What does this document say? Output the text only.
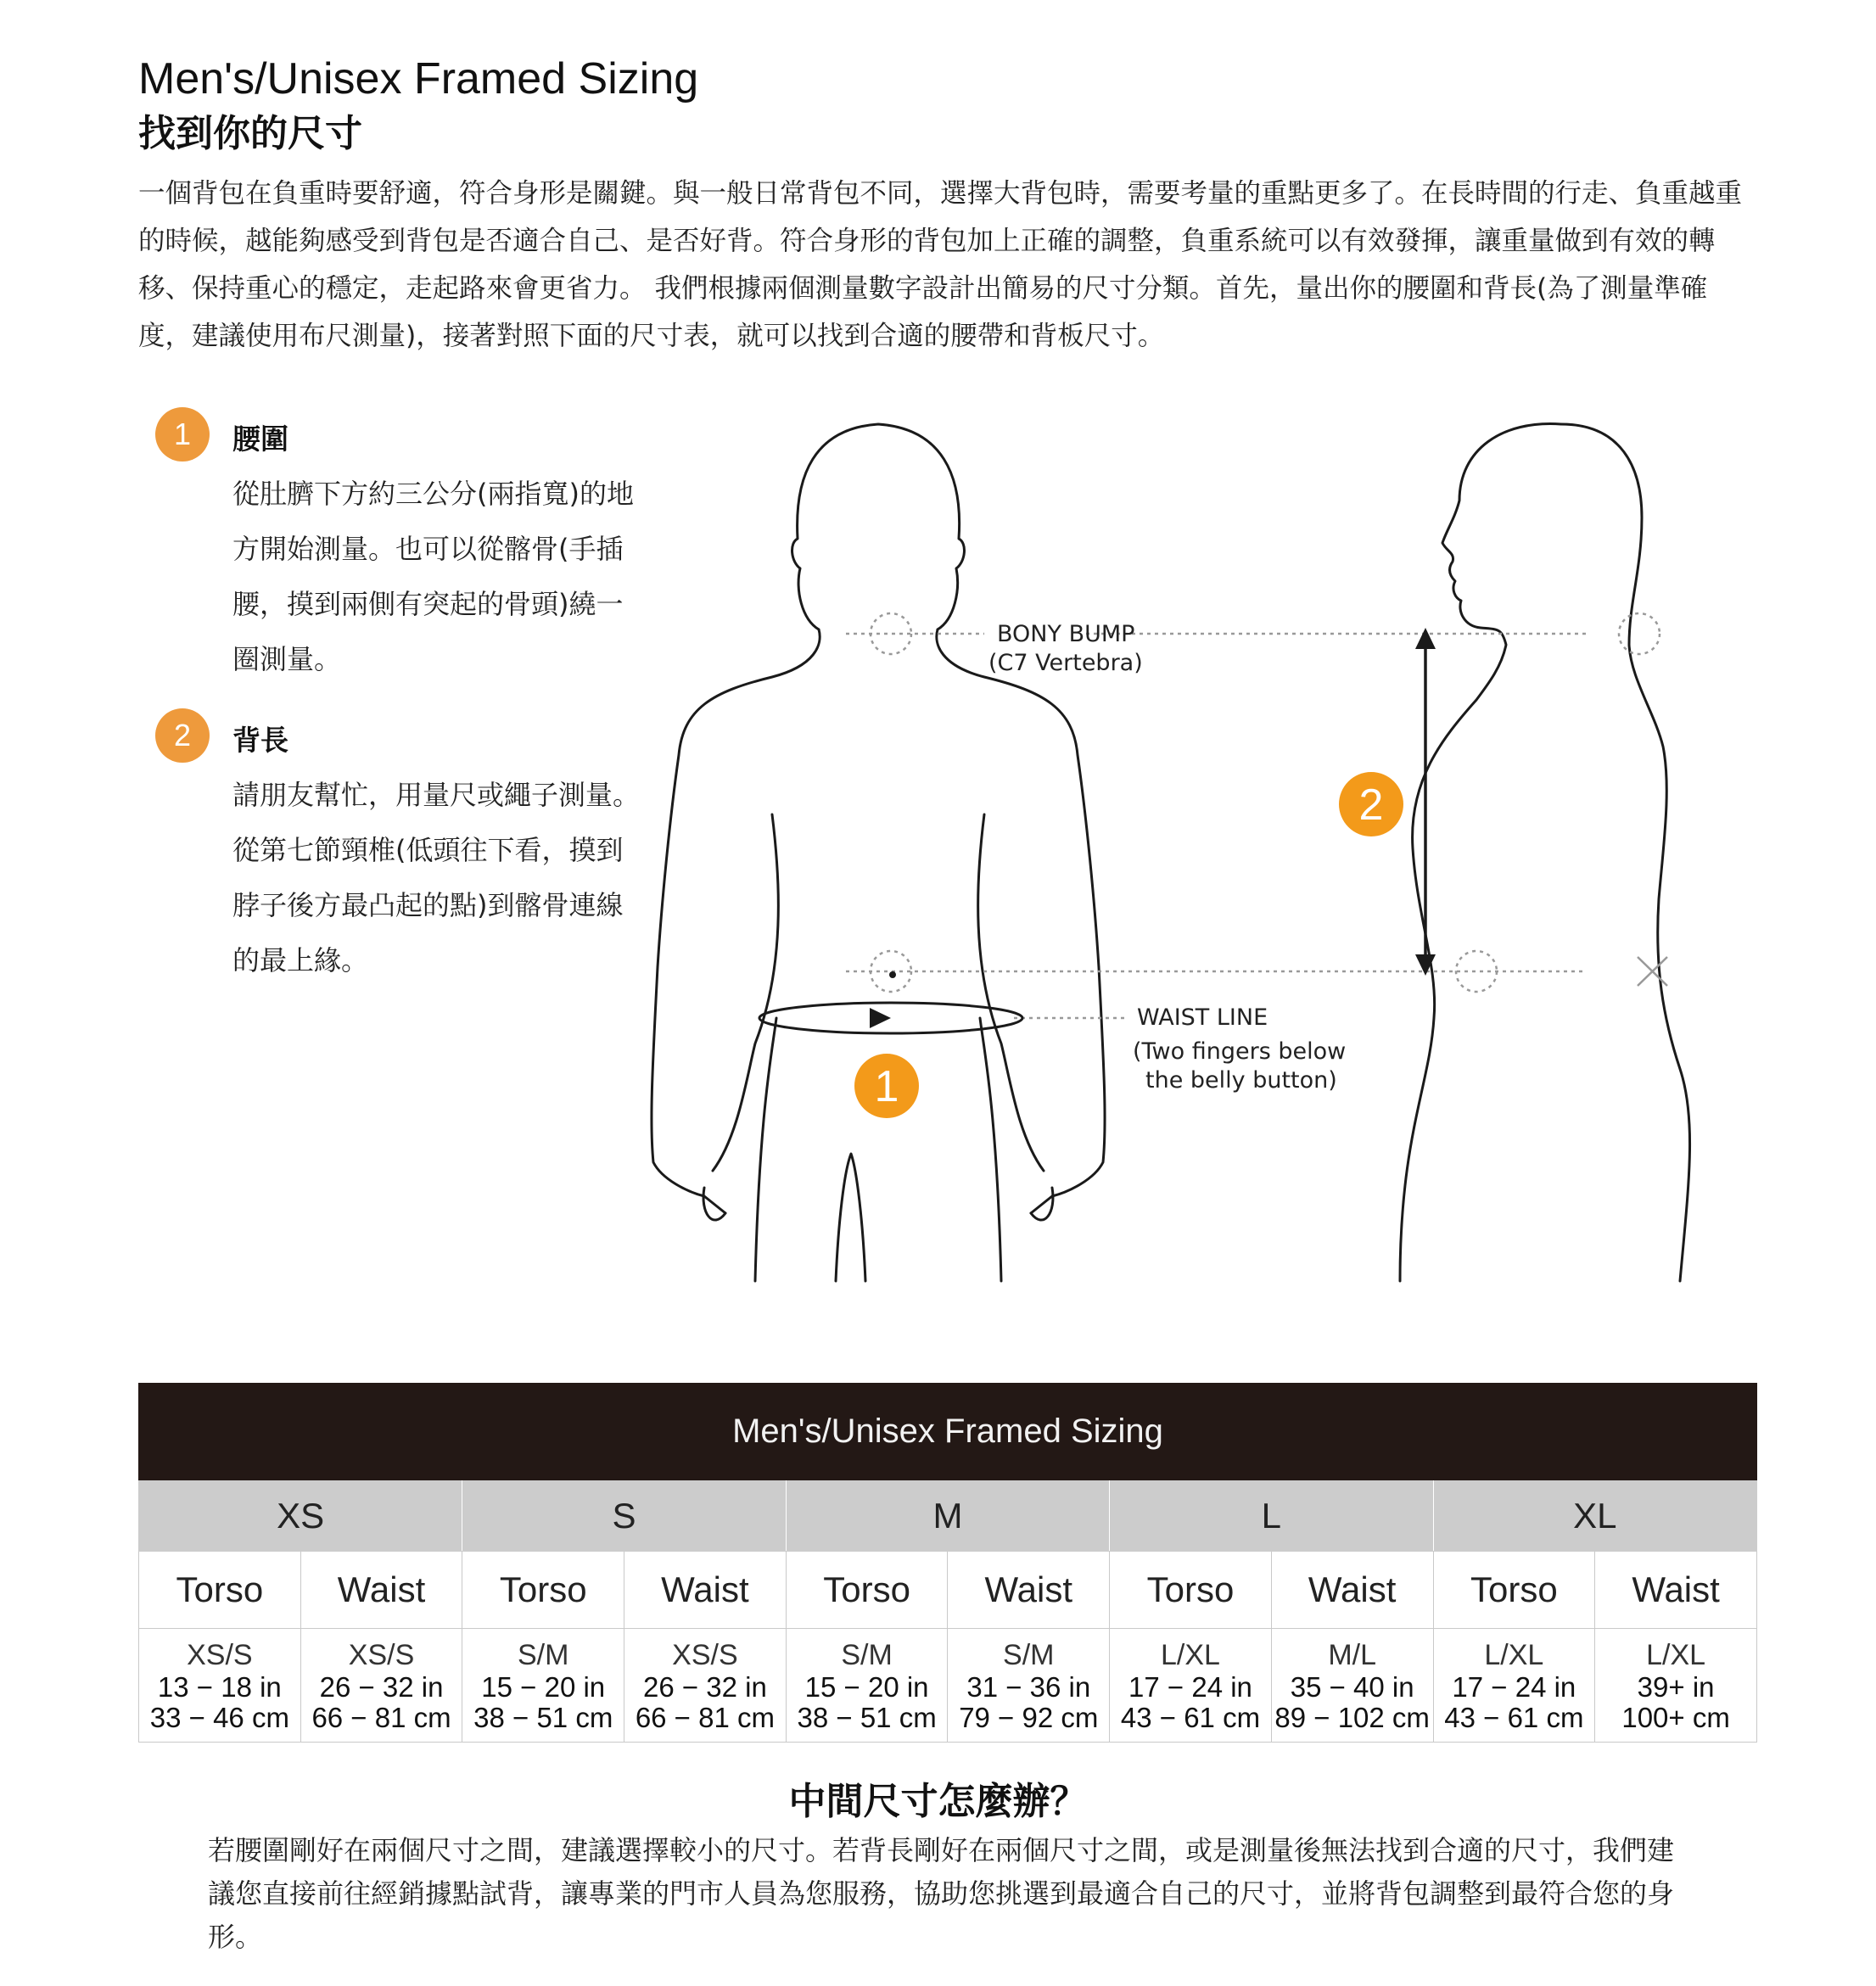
Men's/Unisex Framed Sizing
找到你的尺寸

一個背包在負重時要舒適，符合身形是關鍵。與一般日常背包不同，選擇大背包時，需要考量的重點更多了。在長時間的行走、負重越重的時候，越能夠感受到背包是否適合自己、是否好背。符合身形的背包加上正確的調整，負重系統可以有效發揮，讓重量做到有效的轉移、保持重心的穩定，走起路來會更省力。 我們根據兩個測量數字設計出簡易的尺寸分類。首先，量出你的腰圍和背長(為了測量準確度，建議使用布尺測量)，接著對照下面的尺寸表，就可以找到合適的腰帶和背板尺寸。

1	腰圍

從肚臍下方約三公分(兩指寬)的地方開始測量。也可以從髂骨(手插腰，摸到兩側有突起的骨頭)繞一圈測量。

2	背長

請朋友幫忙，用量尺或繩子測量。從第七節頸椎(低頭往下看，摸到脖子後方最凸起的點)到髂骨連線的最上緣。

1
2
BONY BUMP
(C7 Vertebra)
WAIST LINE
(Two fingers below
the belly button)
Men's/Unisex Framed Sizing									
XS		S		M		L		XL	
Torso	Waist	Torso	Waist	Torso	Waist	Torso	Waist	Torso	Waist

XS/S
13 − 18 in
33 − 46 cm	XS/S
26 − 32 in
66 − 81 cm	S/M
15 − 20 in
38 − 51 cm	XS/S
26 − 32 in
66 − 81 cm	S/M
15 − 20 in
38 − 51 cm	S/M
31 − 36 in
79 − 92 cm	L/XL
17 − 24 in
43 − 61 cm	M/L
35 − 40 in
89 − 102 cm	L/XL
17 − 24 in
43 − 61 cm	L/XL
39+ in
100+ cm
中間尺寸怎麼辦？

若腰圍剛好在兩個尺寸之間，建議選擇較小的尺寸。若背長剛好在兩個尺寸之間，或是測量後無法找到合適的尺寸，我們建議您直接前往經銷據點試背，讓專業的門市人員為您服務，協助您挑選到最適合自己的尺寸，並將背包調整到最符合您的身形。
